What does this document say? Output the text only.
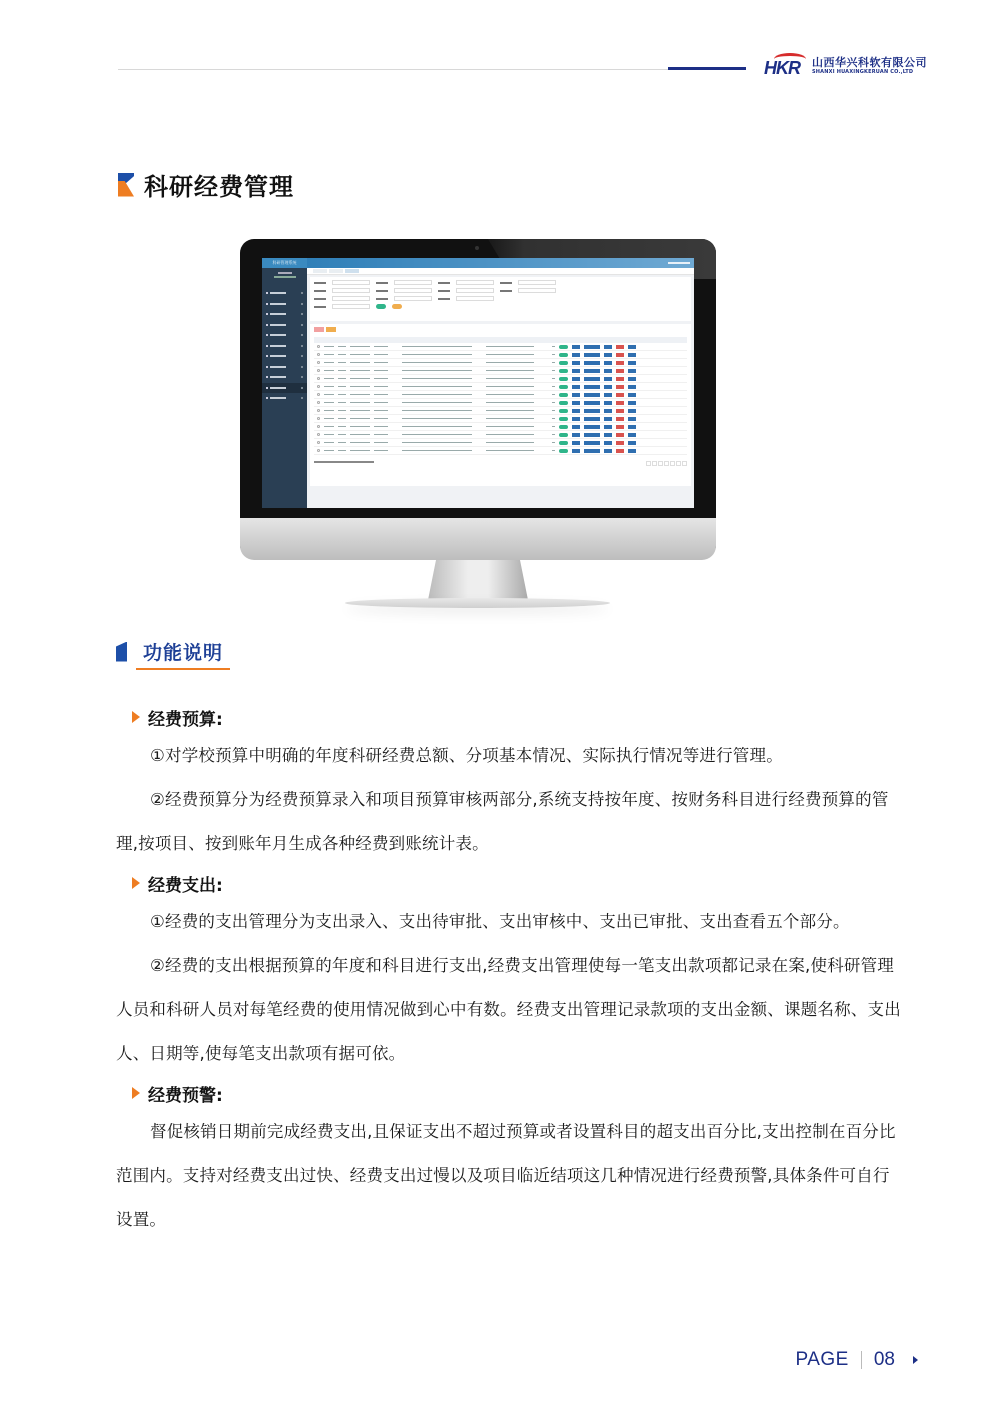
HKR 山西华兴科软有限公司
SHANXI HUAXINGKERUAN CO.,LTD
科研经费管理
科研管理系统
功能说明
经费预算:

①对学校预算中明确的年度科研经费总额、分项基本情况、实际执行情况等进行管理。

②经费预算分为经费预算录入和项目预算审核两部分,系统支持按年度、按财务科目进行经费预算的管理,按项目、按到账年月生成各种经费到账统计表。

经费支出:

①经费的支出管理分为支出录入、支出待审批、支出审核中、支出已审批、支出查看五个部分。

②经费的支出根据预算的年度和科目进行支出,经费支出管理使每一笔支出款项都记录在案,使科研管理人员和科研人员对每笔经费的使用情况做到心中有数。经费支出管理记录款项的支出金额、课题名称、支出人、日期等,使每笔支出款项有据可依。

经费预警:

督促核销日期前完成经费支出,且保证支出不超过预算或者设置科目的超支出百分比,支出控制在百分比范围内。支持对经费支出过快、经费支出过慢以及项目临近结项这几种情况进行经费预警,具体条件可自行设置。

PAGE 08
